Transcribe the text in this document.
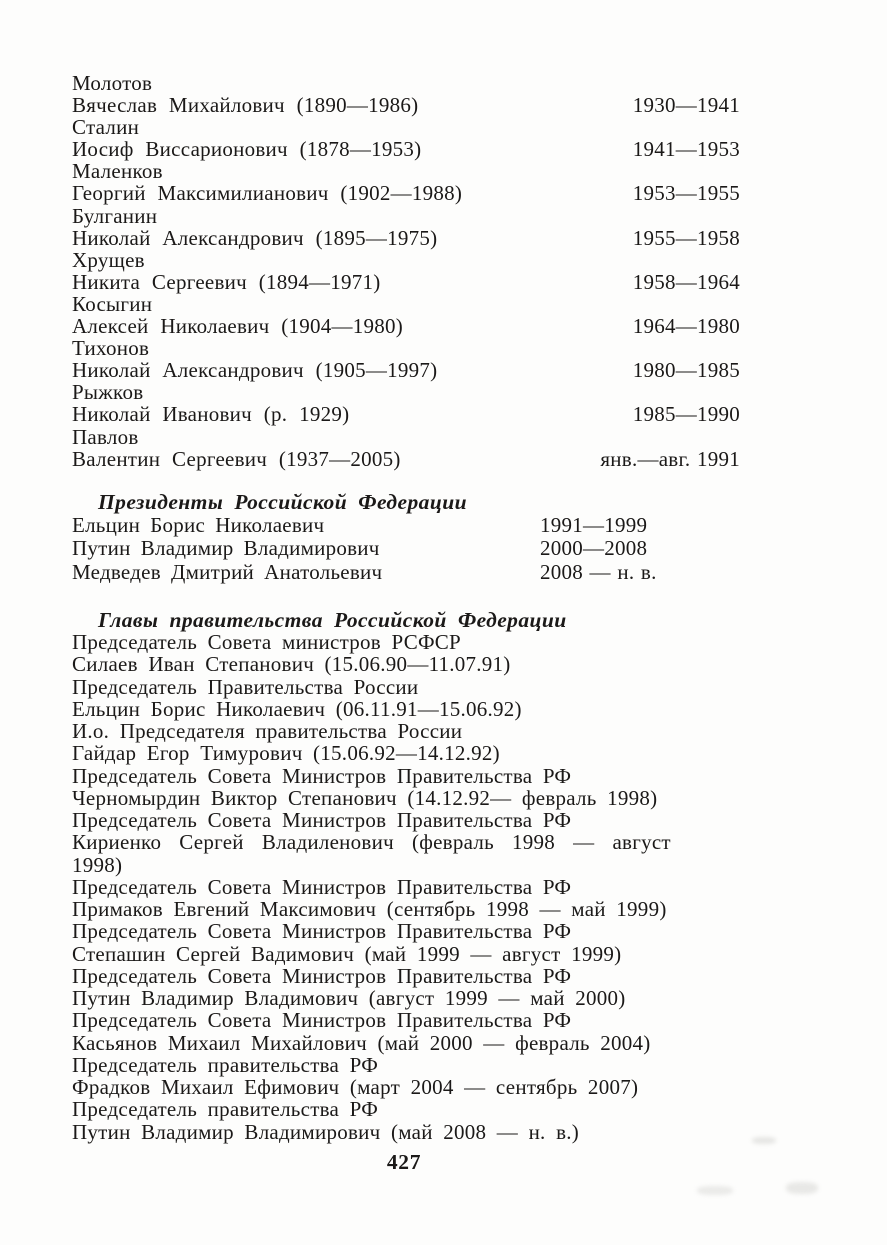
Молотов
Вячеслав Михайлович (1890—1986)	1930—1941
Сталин
Иосиф Виссарионович (1878—1953)	1941—1953
Маленков
Георгий Максимилианович (1902—1988)	1953—1955
Булганин
Николай Александрович (1895—1975)	1955—1958
Хрущев
Никита Сергеевич (1894—1971)	1958—1964
Косыгин
Алексей Николаевич (1904—1980)	1964—1980
Тихонов
Николай Александрович (1905—1997)	1980—1985
Рыжков
Николай Иванович (р. 1929)	1985—1990
Павлов
Валентин Сергеевич (1937—2005)	янв.—авг. 1991
Президенты Российской Федерации
Ельцин Борис Николаевич	1991—1999
Путин Владимир Владимирович	2000—2008
Медведев Дмитрий Анатольевич	2008 — н. в.
Главы правительства Российской Федерации
Председатель Совета министров РСФСР
Силаев Иван Степанович (15.06.90—11.07.91)
Председатель Правительства России
Ельцин Борис Николаевич (06.11.91—15.06.92)
И.о. Председателя правительства России
Гайдар Егор Тимурович (15.06.92—14.12.92)
Председатель Совета Министров Правительства РФ
Черномырдин Виктор Степанович (14.12.92— февраль 1998)
Председатель Совета Министров Правительства РФ
Кириенко Сергей Владиленович (февраль 1998 — август
1998)
Председатель Совета Министров Правительства РФ
Примаков Евгений Максимович (сентябрь 1998 — май 1999)
Председатель Совета Министров Правительства РФ
Степашин Сергей Вадимович (май 1999 — август 1999)
Председатель Совета Министров Правительства РФ
Путин Владимир Владимович (август 1999 — май 2000)
Председатель Совета Министров Правительства РФ
Касьянов Михаил Михайлович (май 2000 — февраль 2004)
Председатель правительства РФ
Фрадков Михаил Ефимович (март 2004 — сентябрь 2007)
Председатель правительства РФ
Путин Владимир Владимирович (май 2008 — н. в.)
427
